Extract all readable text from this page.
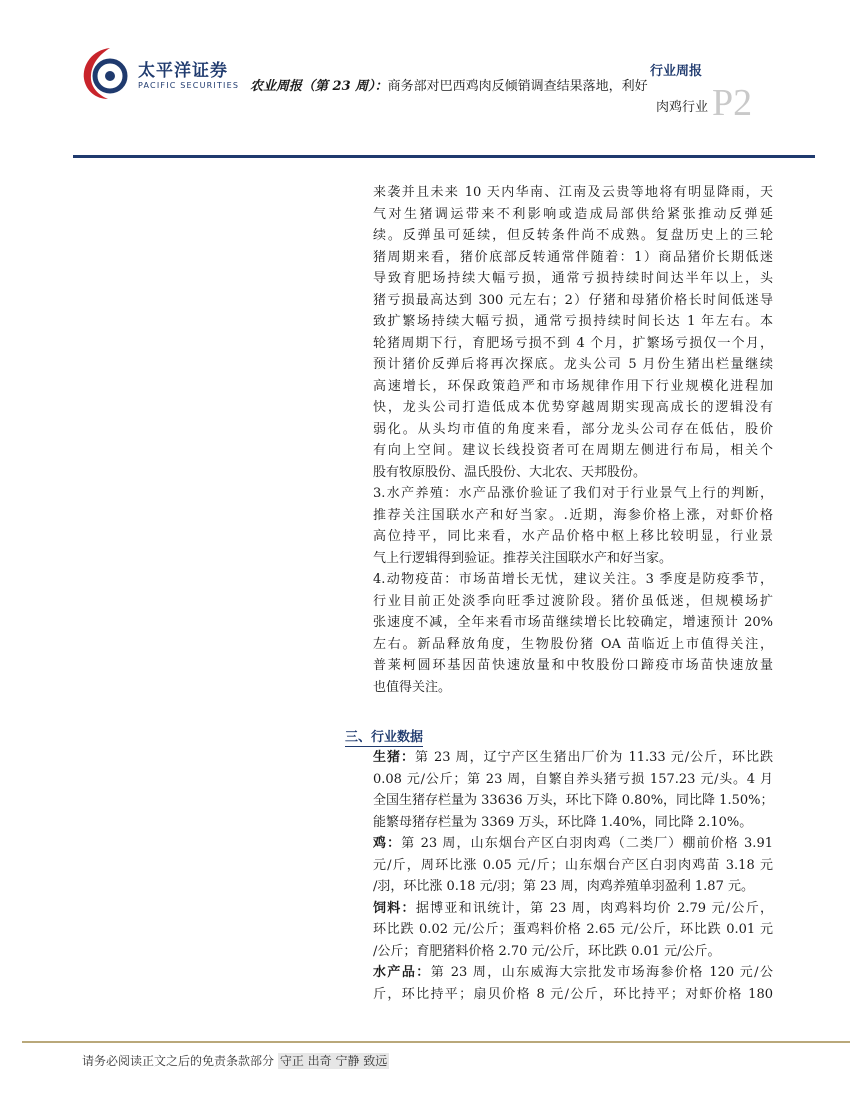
太平洋证券
PACIFIC SECURITIES
行业周报
P2
农业周报（第 23 周）：商务部对巴西鸡肉反倾销调查结果落地，利好
肉鸡行业
来袭并且未来 10 天内华南、江南及云贵等地将有明显降雨，天
气对生猪调运带来不利影响或造成局部供给紧张推动反弹延
续。反弹虽可延续，但反转条件尚不成熟。复盘历史上的三轮
猪周期来看，猪价底部反转通常伴随着：1）商品猪价长期低迷
导致育肥场持续大幅亏损，通常亏损持续时间达半年以上，头
猪亏损最高达到 300 元左右；2）仔猪和母猪价格长时间低迷导
致扩繁场持续大幅亏损，通常亏损持续时间长达 1 年左右。本
轮猪周期下行，育肥场亏损不到 4 个月，扩繁场亏损仅一个月，
预计猪价反弹后将再次探底。龙头公司 5 月份生猪出栏量继续
高速增长，环保政策趋严和市场规律作用下行业规模化进程加
快，龙头公司打造低成本优势穿越周期实现高成长的逻辑没有
弱化。从头均市值的角度来看，部分龙头公司存在低估，股价
有向上空间。建议长线投资者可在周期左侧进行布局，相关个
股有牧原股份、温氏股份、大北农、天邦股份。
3.水产养殖：水产品涨价验证了我们对于行业景气上行的判断，
推荐关注国联水产和好当家。.近期，海参价格上涨，对虾价格
高位持平，同比来看，水产品价格中枢上移比较明显，行业景
气上行逻辑得到验证。推荐关注国联水产和好当家。
4.动物疫苗：市场苗增长无忧，建议关注。3 季度是防疫季节，
行业目前正处淡季向旺季过渡阶段。猪价虽低迷，但规模场扩
张速度不减，全年来看市场苗继续增长比较确定，增速预计 20%
左右。新品释放角度，生物股份猪 OA 苗临近上市值得关注，
普莱柯圆环基因苗快速放量和中牧股份口蹄疫市场苗快速放量
也值得关注。
三、行业数据
生猪：第 23 周，辽宁产区生猪出厂价为 11.33 元/公斤，环比跌
0.08 元/公斤；第 23 周，自繁自养头猪亏损 157.23 元/头。4 月
全国生猪存栏量为 33636 万头，环比下降 0.80%，同比降 1.50%；
能繁母猪存栏量为 3369 万头，环比降 1.40%，同比降 2.10%。
鸡：第 23 周，山东烟台产区白羽肉鸡（二类厂）棚前价格 3.91
元/斤，周环比涨 0.05 元/斤；山东烟台产区白羽肉鸡苗 3.18 元
/羽，环比涨 0.18 元/羽；第 23 周，肉鸡养殖单羽盈利 1.87 元。
饲料：据博亚和讯统计，第 23 周，肉鸡料均价 2.79 元/公斤，
环比跌 0.02 元/公斤；蛋鸡料价格 2.65 元/公斤，环比跌 0.01 元
/公斤；育肥猪料价格 2.70 元/公斤，环比跌 0.01 元/公斤。
水产品：第 23 周，山东威海大宗批发市场海参价格 120 元/公
斤，环比持平；扇贝价格 8 元/公斤，环比持平；对虾价格 180
请务必阅读正文之后的免责条款部分 守正 出奇 宁静 致远
